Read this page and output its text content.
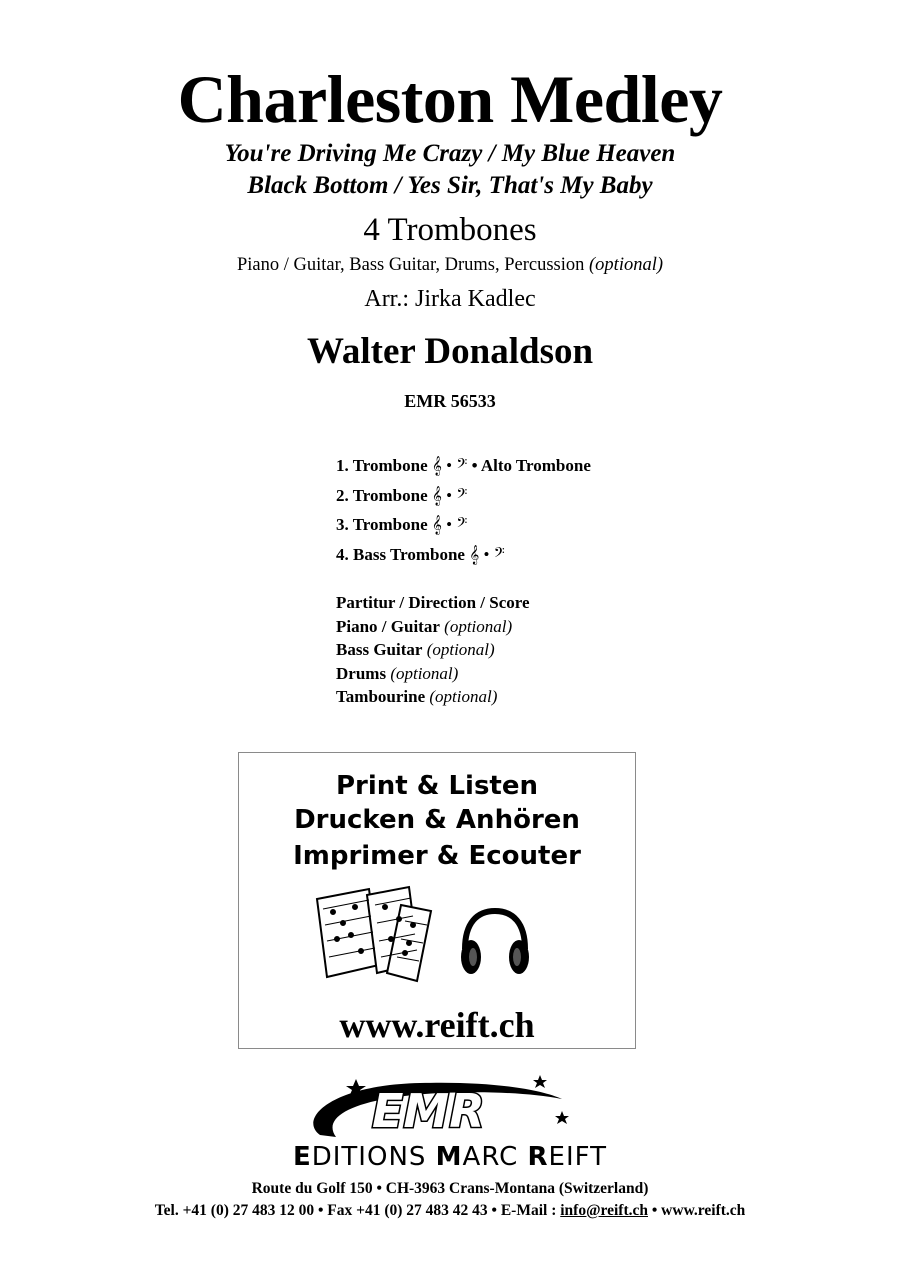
Charleston Medley
You're Driving Me Crazy / My Blue Heaven
Black Bottom / Yes Sir, That's My Baby
4 Trombones
Piano / Guitar, Bass Guitar, Drums, Percussion (optional)
Arr.: Jirka Kadlec
Walter Donaldson
EMR 56533
1. Trombone 𝄞 • 𝄢 • Alto Trombone
2. Trombone 𝄞 • 𝄢
3. Trombone 𝄞 • 𝄢
4. Bass Trombone 𝄞 • 𝄢
Partitur / Direction / Score
Piano / Guitar (optional)
Bass Guitar (optional)
Drums (optional)
Tambourine (optional)
Print & Listen
Drucken & Anhören
Imprimer & Ecouter
www.reift.ch
EMR
EDITIONS MARC REIFT
Route du Golf 150 • CH-3963 Crans-Montana (Switzerland)
Tel. +41 (0) 27 483 12 00 • Fax +41 (0) 27 483 42 43 • E-Mail : info@reift.ch • www.reift.ch
